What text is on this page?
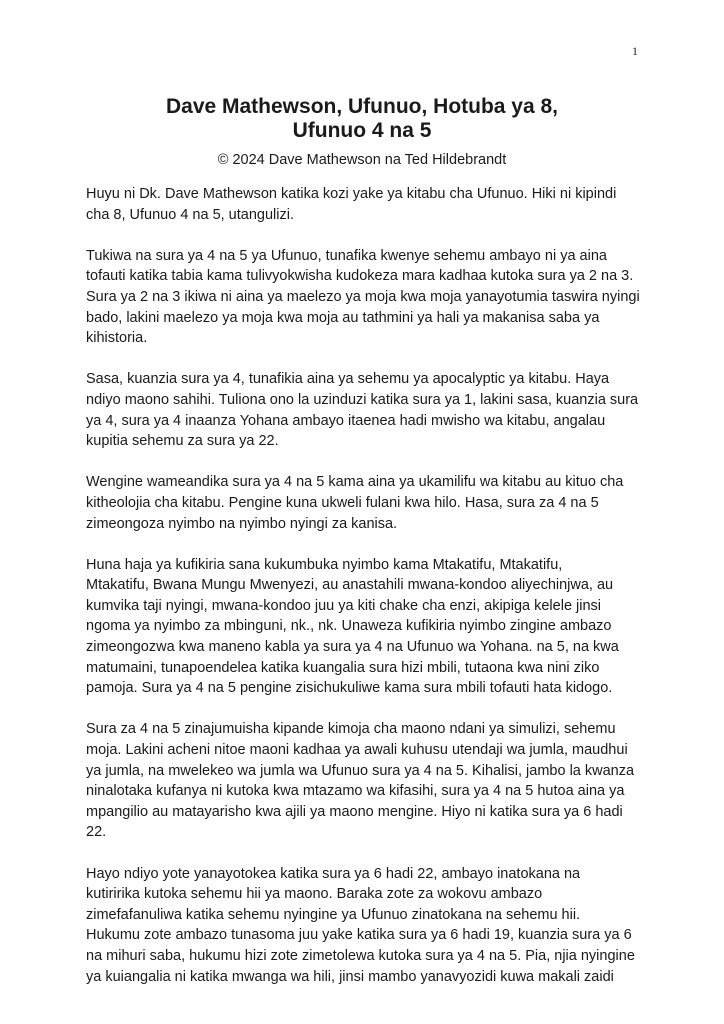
1

Dave Mathewson, Ufunuo, Hotuba ya 8,

Ufunuo 4 na 5

© 2024 Dave Mathewson na Ted Hildebrandt
Huyu ni Dk. Dave Mathewson katika kozi yake ya kitabu cha Ufunuo. Hiki ni kipindi
cha 8, Ufunuo 4 na 5, utangulizi.
Tukiwa na sura ya 4 na 5 ya Ufunuo, tunafika kwenye sehemu ambayo ni ya aina
tofauti katika tabia kama tulivyokwisha kudokeza mara kadhaa kutoka sura ya 2 na 3.
Sura ya 2 na 3 ikiwa ni aina ya maelezo ya moja kwa moja yanayotumia taswira nyingi
bado, lakini maelezo ya moja kwa moja au tathmini ya hali ya makanisa saba ya
kihistoria.
Sasa, kuanzia sura ya 4, tunafikia aina ya sehemu ya apocalyptic ya kitabu. Haya
ndiyo maono sahihi. Tuliona ono la uzinduzi katika sura ya 1, lakini sasa, kuanzia sura
ya 4, sura ya 4 inaanza Yohana ambayo itaenea hadi mwisho wa kitabu, angalau
kupitia sehemu za sura ya 22.
Wengine wameandika sura ya 4 na 5 kama aina ya ukamilifu wa kitabu au kituo cha
kitheolojia cha kitabu. Pengine kuna ukweli fulani kwa hilo. Hasa, sura za 4 na 5
zimeongoza nyimbo na nyimbo nyingi za kanisa.
Huna haja ya kufikiria sana kukumbuka nyimbo kama Mtakatifu, Mtakatifu,
Mtakatifu, Bwana Mungu Mwenyezi, au anastahili mwana-kondoo aliyechinjwa, au
kumvika taji nyingi, mwana-kondoo juu ya kiti chake cha enzi, akipiga kelele jinsi
ngoma ya nyimbo za mbinguni, nk., nk. Unaweza kufikiria nyimbo zingine ambazo
zimeongozwa kwa maneno kabla ya sura ya 4 na Ufunuo wa Yohana. na 5, na kwa
matumaini, tunapoendelea katika kuangalia sura hizi mbili, tutaona kwa nini ziko
pamoja. Sura ya 4 na 5 pengine zisichukuliwe kama sura mbili tofauti hata kidogo.
Sura za 4 na 5 zinajumuisha kipande kimoja cha maono ndani ya simulizi, sehemu
moja. Lakini acheni nitoe maoni kadhaa ya awali kuhusu utendaji wa jumla, maudhui
ya jumla, na mwelekeo wa jumla wa Ufunuo sura ya 4 na 5. Kihalisi, jambo la kwanza
ninalotaka kufanya ni kutoka kwa mtazamo wa kifasihi, sura ya 4 na 5 hutoa aina ya
mpangilio au matayarisho kwa ajili ya maono mengine. Hiyo ni katika sura ya 6 hadi
22.
Hayo ndiyo yote yanayotokea katika sura ya 6 hadi 22, ambayo inatokana na
kutiririka kutoka sehemu hii ya maono. Baraka zote za wokovu ambazo
zimefafanuliwa katika sehemu nyingine ya Ufunuo zinatokana na sehemu hii.
Hukumu zote ambazo tunasoma juu yake katika sura ya 6 hadi 19, kuanzia sura ya 6
na mihuri saba, hukumu hizi zote zimetolewa kutoka sura ya 4 na 5. Pia, njia nyingine
ya kuiangalia ni katika mwanga wa hili, jinsi mambo yanavyozidi kuwa makali zaidi
